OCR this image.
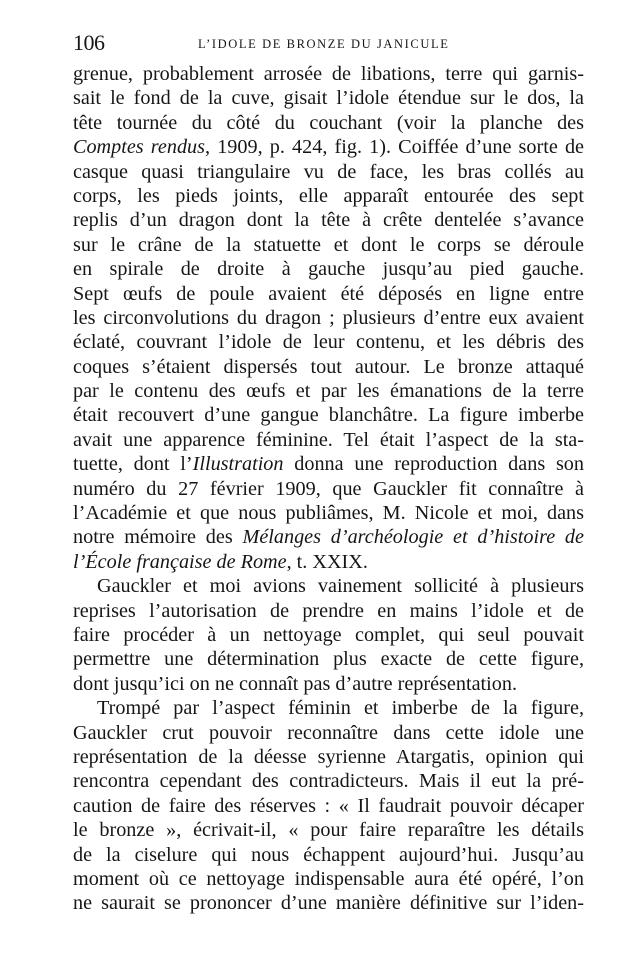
106	L’IDOLE DE BRONZE DU JANICULE
grenue, probablement arrosée de libations, terre qui garnis-
sait le fond de la cuve, gisait l’idole étendue sur le dos, la
tête tournée du côté du couchant (voir la planche des
Comptes rendus, 1909, p. 424, fig. 1). Coiffée d’une sorte de
casque quasi triangulaire vu de face, les bras collés au
corps, les pieds joints, elle apparaît entourée des sept
replis d’un dragon dont la tête à crête dentelée s’avance
sur le crâne de la statuette et dont le corps se déroule
en spirale de droite à gauche jusqu’au pied gauche.
Sept œufs de poule avaient été déposés en ligne entre
les circonvolutions du dragon ; plusieurs d’entre eux avaient
éclaté, couvrant l’idole de leur contenu, et les débris des
coques s’étaient dispersés tout autour. Le bronze attaqué
par le contenu des œufs et par les émanations de la terre
était recouvert d’une gangue blanchâtre. La figure imberbe
avait une apparence féminine. Tel était l’aspect de la sta-
tuette, dont l’Illustration donna une reproduction dans son
numéro du 27 février 1909, que Gauckler fit connaître à
l’Académie et que nous publiâmes, M. Nicole et moi, dans
notre mémoire des Mélanges d’archéologie et d’histoire de
l’École française de Rome, t. XXIX.
Gauckler et moi avions vainement sollicité à plusieurs
reprises l’autorisation de prendre en mains l’idole et de
faire procéder à un nettoyage complet, qui seul pouvait
permettre une détermination plus exacte de cette figure,
dont jusqu’ici on ne connaît pas d’autre représentation.
Trompé par l’aspect féminin et imberbe de la figure,
Gauckler crut pouvoir reconnaître dans cette idole une
représentation de la déesse syrienne Atargatis, opinion qui
rencontra cependant des contradicteurs. Mais il eut la pré-
caution de faire des réserves : « Il faudrait pouvoir décaper
le bronze », écrivait-il, « pour faire reparaître les détails
de la ciselure qui nous échappent aujourd’hui. Jusqu’au
moment où ce nettoyage indispensable aura été opéré, l’on
ne saurait se prononcer d’une manière définitive sur l’iden-
